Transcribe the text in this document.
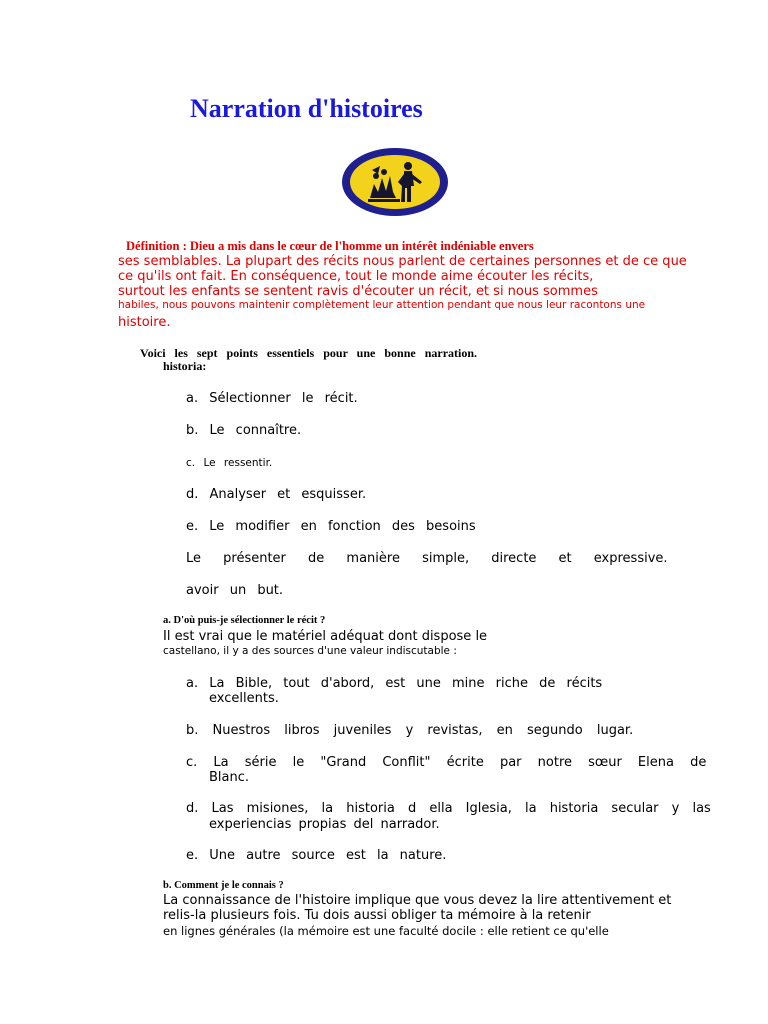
Narration d'histoires
Définition : Dieu a mis dans le cœur de l'homme un intérêt indéniable envers
ses semblables. La plupart des récits nous parlent de certaines personnes et de ce que
ce qu'ils ont fait. En conséquence, tout le monde aime écouter les récits,
surtout les enfants se sentent ravis d'écouter un récit, et si nous sommes
habiles, nous pouvons maintenir complètement leur attention pendant que nous leur racontons une
histoire.
Voici les sept points essentiels pour une bonne narration.
historia:
a. Sélectionner le récit.
b. Le connaître.
c. Le ressentir.
d. Analyser et esquisser.
e. Le modifier en fonction des besoins
Le présenter de manière simple, directe et expressive.
avoir un but.
a. D'où puis-je sélectionner le récit ?
Il est vrai que le matériel adéquat dont dispose le
castellano, il y a des sources d'une valeur indiscutable :
a. La Bible, tout d'abord, est une mine riche de récits
excellents.
b. Nuestros libros juveniles y revistas, en segundo lugar.
c. La série le "Grand Conflit" écrite par notre sœur Elena de
Blanc.
d. Las misiones, la historia d ella Iglesia, la historia secular y las
experiencias propias del narrador.
e. Une autre source est la nature.
b. Comment je le connais ?
La connaissance de l'histoire implique que vous devez la lire attentivement et
relis-la plusieurs fois. Tu dois aussi obliger ta mémoire à la retenir
en lignes générales (la mémoire est une faculté docile : elle retient ce qu'elle
